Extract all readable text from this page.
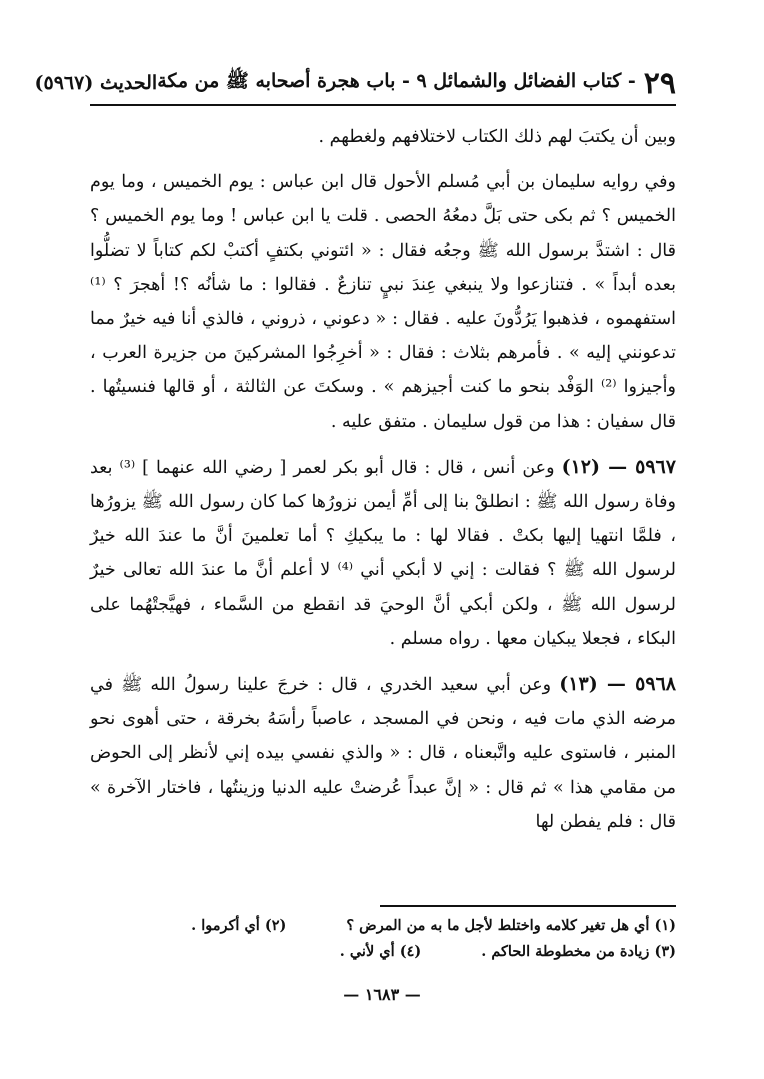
٢٩
- كتاب الفضائل والشمائل ٩ - باب هجرة أصحابه ﷺ من مكة
الحديث (٥٩٦٧)

وبين أن يكتبَ لهم ذلك الكتاب لاختلافهم ولغطهم .

وفي روايه سليمان بن أبي مُسلم الأحول قال ابن عباس : يوم الخميس ، وما يوم الخميس ؟ ثم بكى حتى بَلَّ دمعُهُ الحصى . قلت يا ابن عباس ! وما يوم الخميس ؟ قال : اشتدَّ برسول الله ﷺ وجعُه فقال : « ائتوني بكتفٍ أكتبْ لكم كتاباً لا تضلُّوا بعده أبداً » . فتنازعوا ولا ينبغي عِندَ نبيٍ تنازعٌ . فقالوا : ما شأنُه ؟! أهجرَ ؟ ⁽¹⁾ استفهموه ، فذهبوا يَرُدُّونَ عليه . فقال : « دعوني ، ذروني ، فالذي أنا فيه خيرٌ مما تدعونني إليه » . فأمرهم بثلاث : فقال : « أخرِجُوا المشركينَ من جزيرة العرب ، وأجيزوا ⁽²⁾ الوَفْد بنحو ما كنت أجيزهم » . وسكتَ عن الثالثة ، أو قالها فنسيتُها . قال سفيان : هذا من قول سليمان . متفق عليه .

٥٩٦٧ — (١٢) وعن أنس ، قال : قال أبو بكر لعمر [ رضي الله عنهما ] ⁽³⁾ بعد وفاة رسول الله ﷺ : انطلقْ بنا إلى أمِّ أيمن نزورُها كما كان رسول الله ﷺ يزورُها ، فلمَّا انتهيا إليها بكتْ . فقالا لها : ما يبكيكِ ؟ أما تعلمينَ أنَّ ما عندَ الله خيرٌ لرسول الله ﷺ ؟ فقالت : إني لا أبكي أني ⁽⁴⁾ لا أعلم أنَّ ما عندَ الله تعالى خيرٌ لرسول الله ﷺ ، ولكن أبكي أنَّ الوحيَ قد انقطع من السَّماء ، فهيَّجتْهُما على البكاء ، فجعلا يبكيان معها . رواه مسلم .

٥٩٦٨ — (١٣) وعن أبي سعيد الخدري ، قال : خرجَ علينا رسولُ الله ﷺ في مرضه الذي مات فيه ، ونحن في المسجد ، عاصباً رأسَهُ بخرقة ، حتى أهوى نحو المنبر ، فاستوى عليه واتَّبعناه ، قال : « والذي نفسي بيده إني لأنظر إلى الحوض من مقامي هذا » ثم قال : « إنَّ عبداً عُرضتْ عليه الدنيا وزينتُها ، فاختار الآخرة » قال : فلم يفطن لها

(١) أي هل تغير كلامه واختلط لأجل ما به من المرض ؟
(٢) أي أكرموا .
(٣) زيادة من مخطوطة الحاكم .
(٤) أي لأني .
— ١٦٨٣ —
